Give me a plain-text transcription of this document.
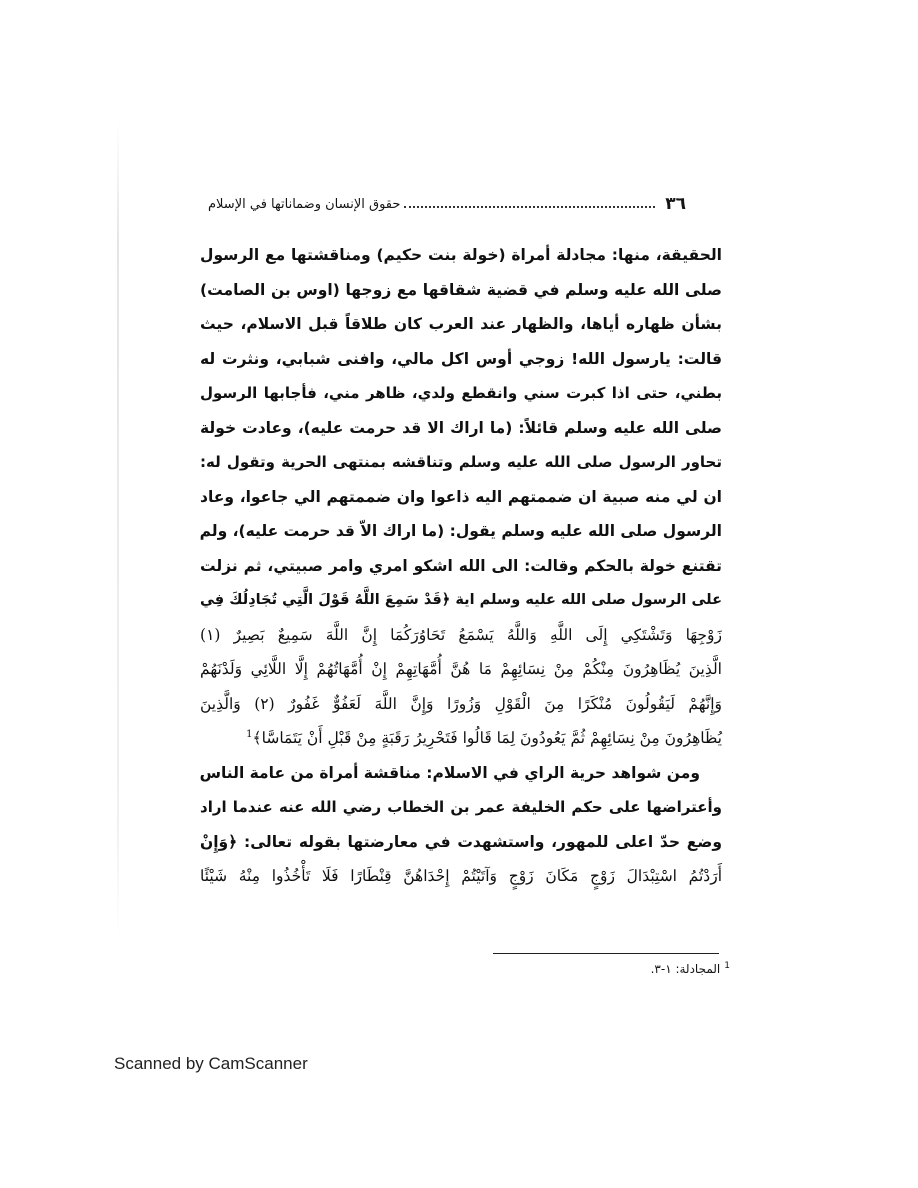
٣٦
حقوق الإنسان وضماناتها في الإسلام
الحقيقة، منها: مجادلة أمراة (خولة بنت حكيم) ومناقشتها مع الرسول
صلى الله عليه وسلم في قضية شقاقها مع زوجها (اوس بن الصامت)
بشأن ظهاره أياها، والظهار عند العرب كان طلاقاً قبل الاسلام، حيث
قالت: يارسول الله! زوجي أوس اكل مالي، وافنى شبابي، ونثرت له
بطني، حتى اذا كبرت سني وانقطع ولدي، ظاهر مني، فأجابها الرسول
صلى الله عليه وسلم قائلاً: (ما اراك الا قد حرمت عليه)، وعادت خولة
تحاور الرسول صلى الله عليه وسلم وتناقشه بمنتهى الحرية وتقول له:
ان لي منه صبية ان ضممتهم اليه ذاعوا وان ضممتهم الي جاعوا، وعاد
الرسول صلى الله عليه وسلم يقول: (ما اراك الاّ قد حرمت عليه)، ولم
تقتنع خولة بالحكم وقالت: الى الله اشكو امري وامر صبيتي، ثم نزلت
على الرسول صلى الله عليه وسلم اية ﴿قَدْ سَمِعَ اللَّهُ قَوْلَ الَّتِي تُجَادِلُكَ فِي
زَوْجِهَا وَتَشْتَكِي إِلَى اللَّهِ وَاللَّهُ يَسْمَعُ تَحَاوُرَكُمَا إِنَّ اللَّهَ سَمِيعٌ بَصِيرٌ (١)
الَّذِينَ يُظَاهِرُونَ مِنْكُمْ مِنْ نِسَائِهِمْ مَا هُنَّ أُمَّهَاتِهِمْ إِنْ أُمَّهَاتُهُمْ إِلَّا اللَّائِي وَلَدْنَهُمْ
وَإِنَّهُمْ لَيَقُولُونَ مُنْكَرًا مِنَ الْقَوْلِ وَزُورًا وَإِنَّ اللَّهَ لَعَفُوٌّ غَفُورٌ (٢) وَالَّذِينَ
يُظَاهِرُونَ مِنْ نِسَائِهِمْ ثُمَّ يَعُودُونَ لِمَا قَالُوا فَتَحْرِيرُ رَقَبَةٍ مِنْ قَبْلِ أَنْ يَتَمَاسَّا﴾$^1$
ومن شواهد حرية الراي في الاسلام: مناقشة أمراة من عامة الناس
وأعتراضها على حكم الخليفة عمر بن الخطاب رضي الله عنه عندما اراد
وضع حدّ اعلى للمهور، واستشهدت في معارضتها بقوله تعالى: ﴿وَإِنْ
أَرَدْتُمُ اسْتِبْدَالَ زَوْجٍ مَكَانَ زَوْجٍ وَآتَيْتُمْ إِحْدَاهُنَّ قِنْطَارًا فَلَا تَأْخُذُوا مِنْهُ شَيْئًا
$^1$المجادلة: ١-٣.
Scanned by CamScanner
